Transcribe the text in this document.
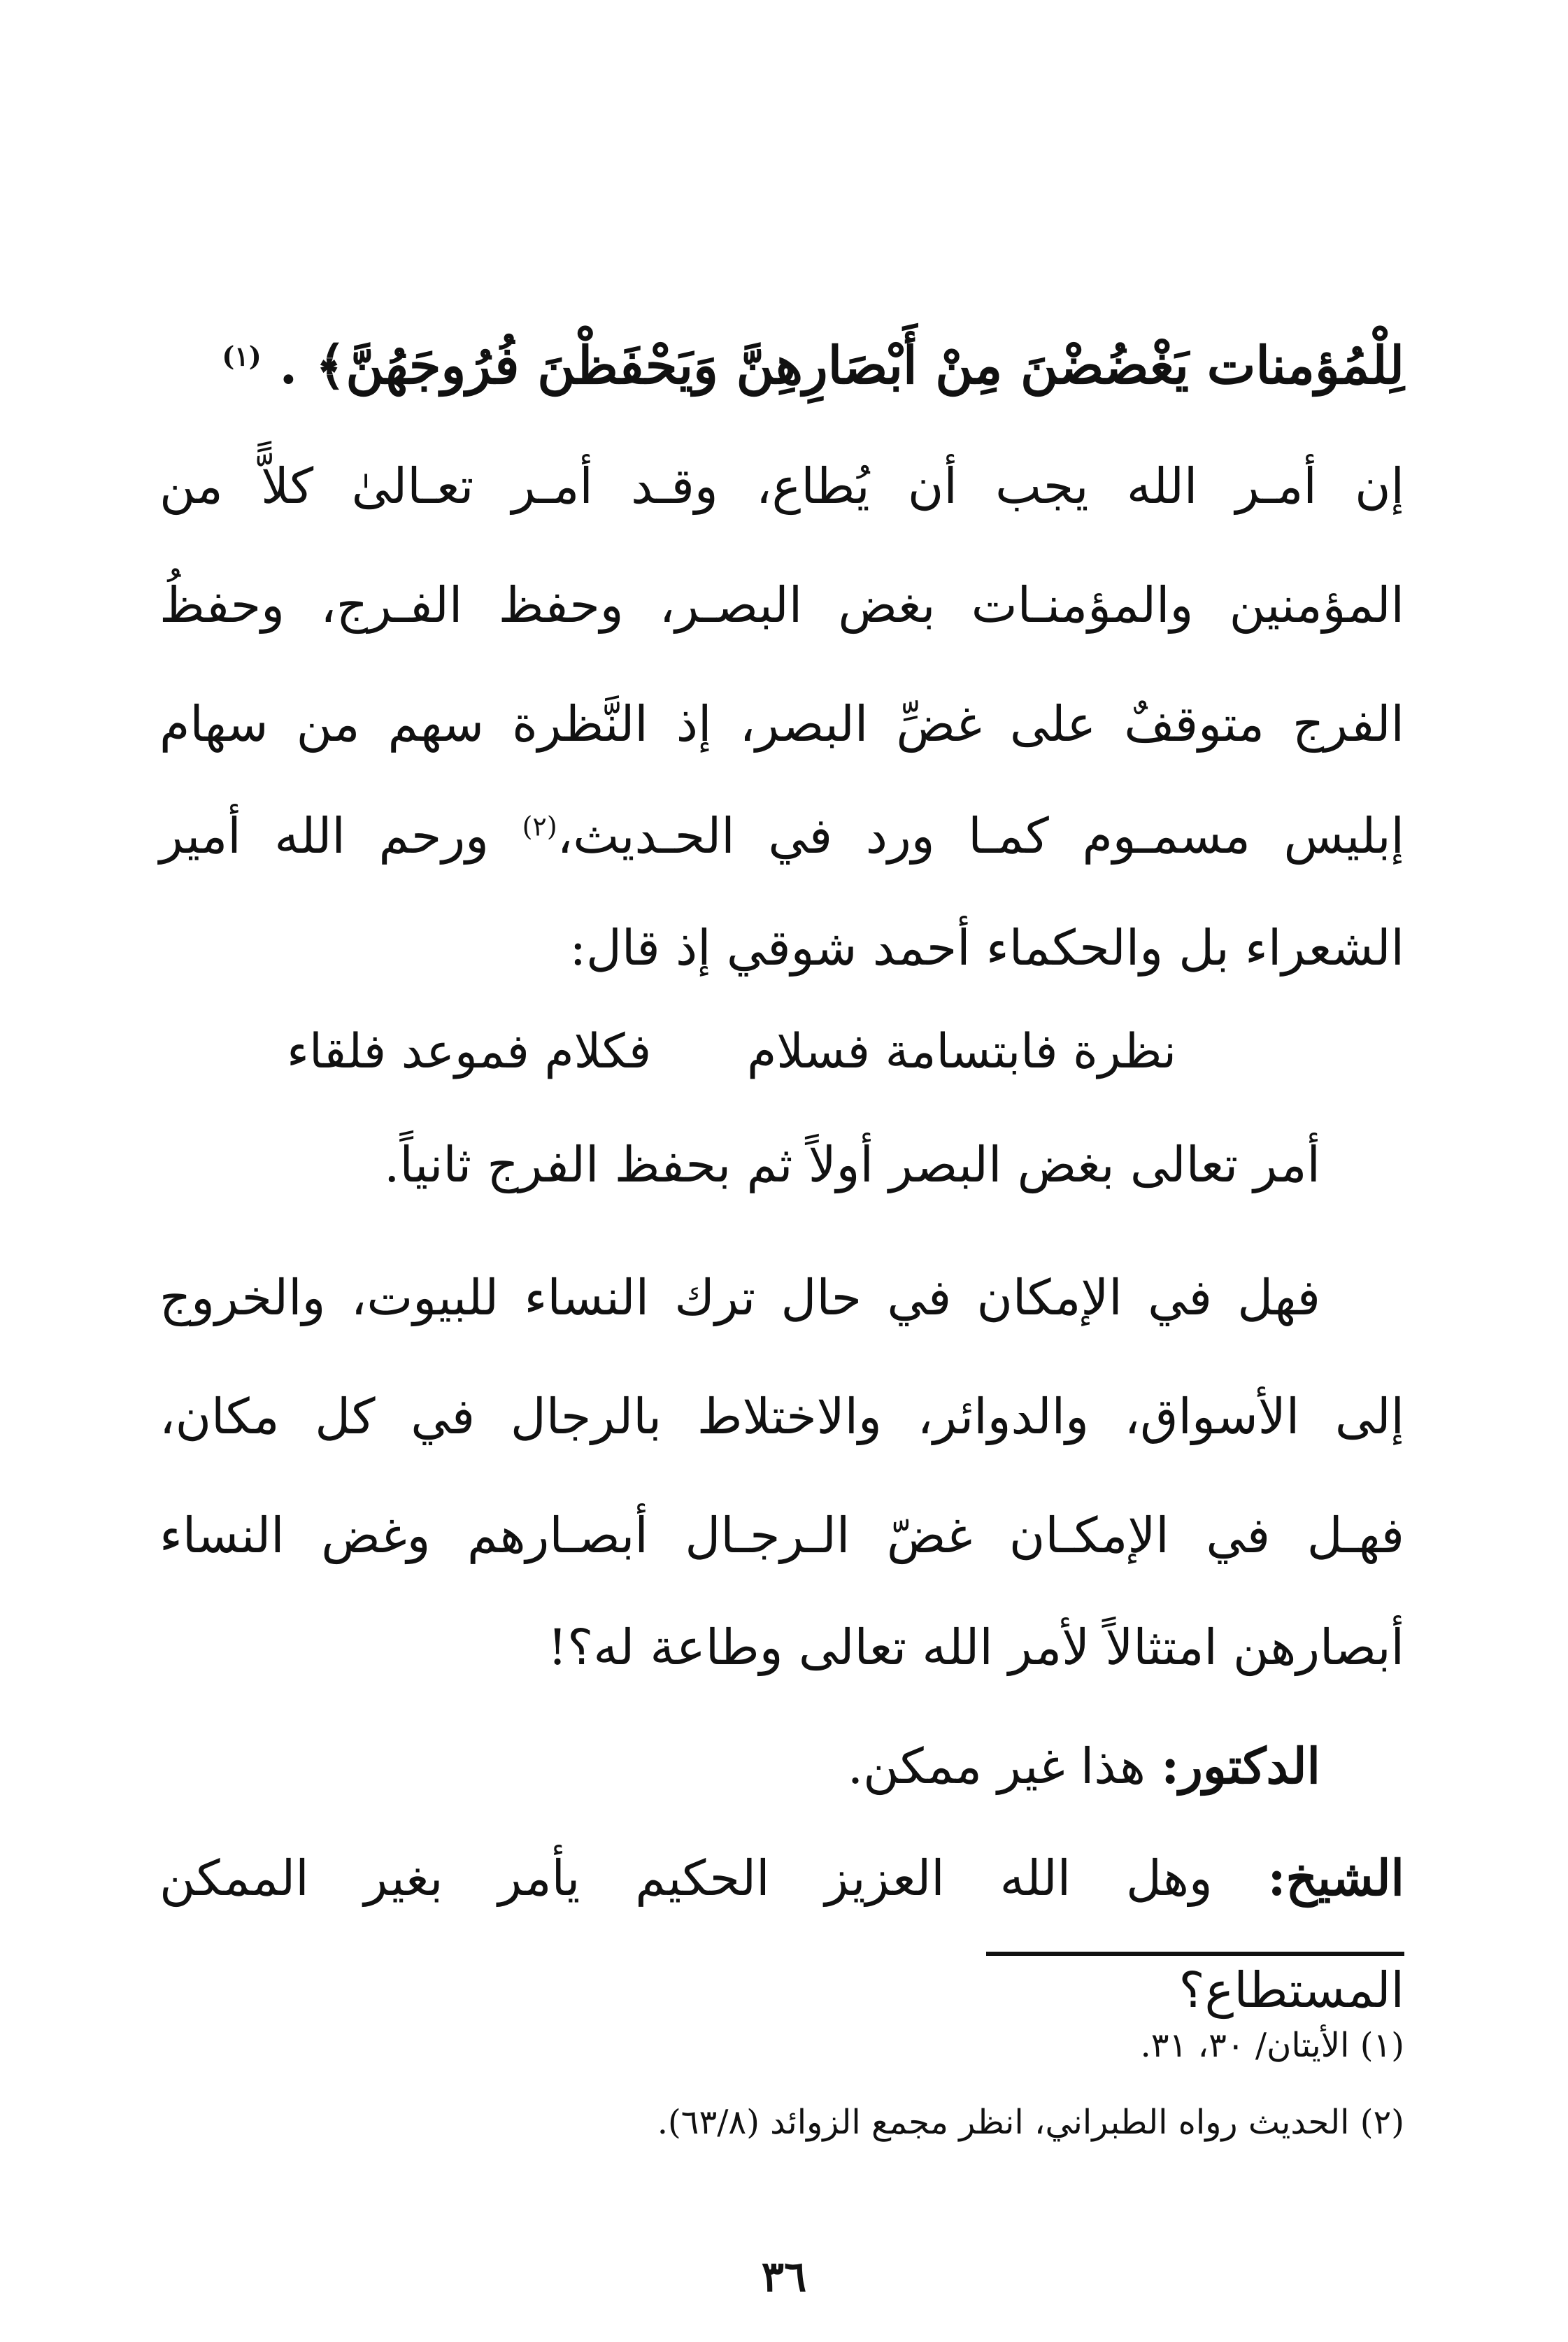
لِلْمُؤمنات يَغْضُضْنَ مِنْ أَبْصَارِهِنَّ وَيَحْفَظْنَ فُرُوجَهُنَّ﴾ . $^{(١)}$
إن أمـر الله يجب أن يُطاع، وقـد أمـر تعـالىٰ كلاًّ من
المؤمنين والمؤمنـات بغض البصـر، وحفظ الفـرج، وحفظُ
الفرج متوقفٌ على غضِّ البصر، إذ النَّظرة سهم من سهام
إبليس مسمـوم كمـا ورد في الحـديث،$^{(٢)}$ ورحم الله أمير
الشعراء بل والحكماء أحمد شوقي إذ قال:
نظرة فابتسامة فسلام
فكلام فموعد فلقاء
أمر تعالى بغض البصر أولاً ثم بحفظ الفرج ثانياً.
فهل في الإمكان في حال ترك النساء للبيوت، والخروج
إلى الأسواق، والدوائر، والاختلاط بالرجال في كل مكان،
فهـل في الإمكـان غضّ الـرجـال أبصـارهم وغض النساء
أبصارهن امتثالاً لأمر الله تعالى وطاعة له؟!
الدكتور: هذا غير ممكن.
الشيخ: وهل الله العزيز الحكيم يأمر بغير الممكن
المستطاع؟
(١) الأيتان/ ٣٠، ٣١.
(٢) الحديث رواه الطبراني، انظر مجمع الزوائد (٦٣/٨).
٣٦
